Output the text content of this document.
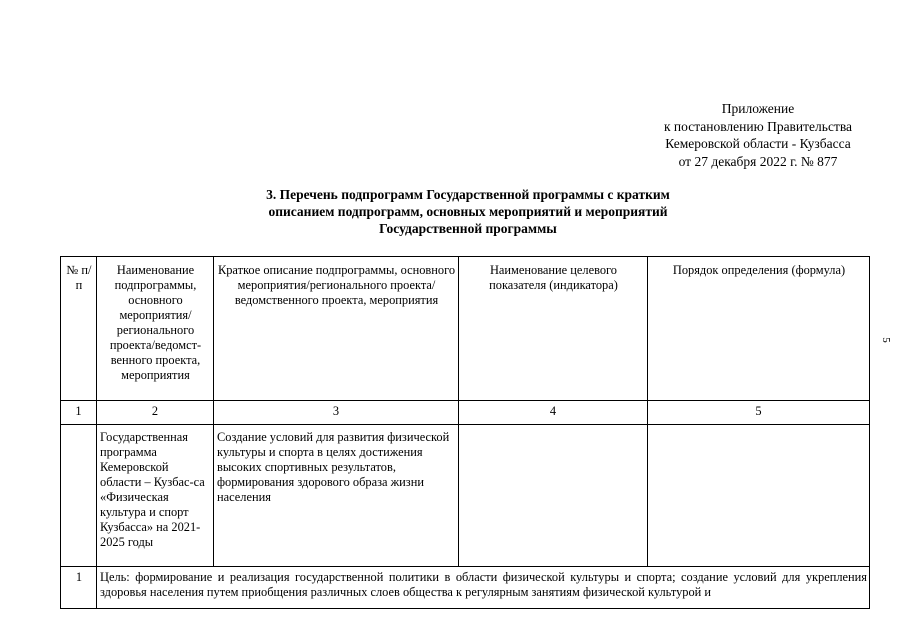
Приложение
к постановлению Правительства
Кемеровской области - Кузбасса
от 27 декабря 2022 г. № 877
3. Перечень подпрограмм Государственной программы с кратким
описанием подпрограмм, основных мероприятий и мероприятий
Государственной программы
5
№ п/п	Наименование подпрограммы, основного мероприятия/ регионального проекта/ведомст-венного проекта, мероприятия	Краткое описание подпрограммы, основного мероприятия/регионального проекта/ведомственного проекта, мероприятия	Наименование целевого показателя (индикатора)	Порядок определения (формула)
1	2	3	4	5
	Государственная программа Кемеровской области – Кузбас-са «Физическая культура и спорт Кузбасса» на 2021-2025 годы	Создание условий для развития физической культуры и спорта в целях достижения высоких спортивных результатов, формирования здорового образа жизни населения		
1	Цель: формирование и реализация государственной политики в области физической культуры и спорта; создание условий для укрепления здоровья населения путем приобщения различных слоев общества к регулярным занятиям физической культурой и			
